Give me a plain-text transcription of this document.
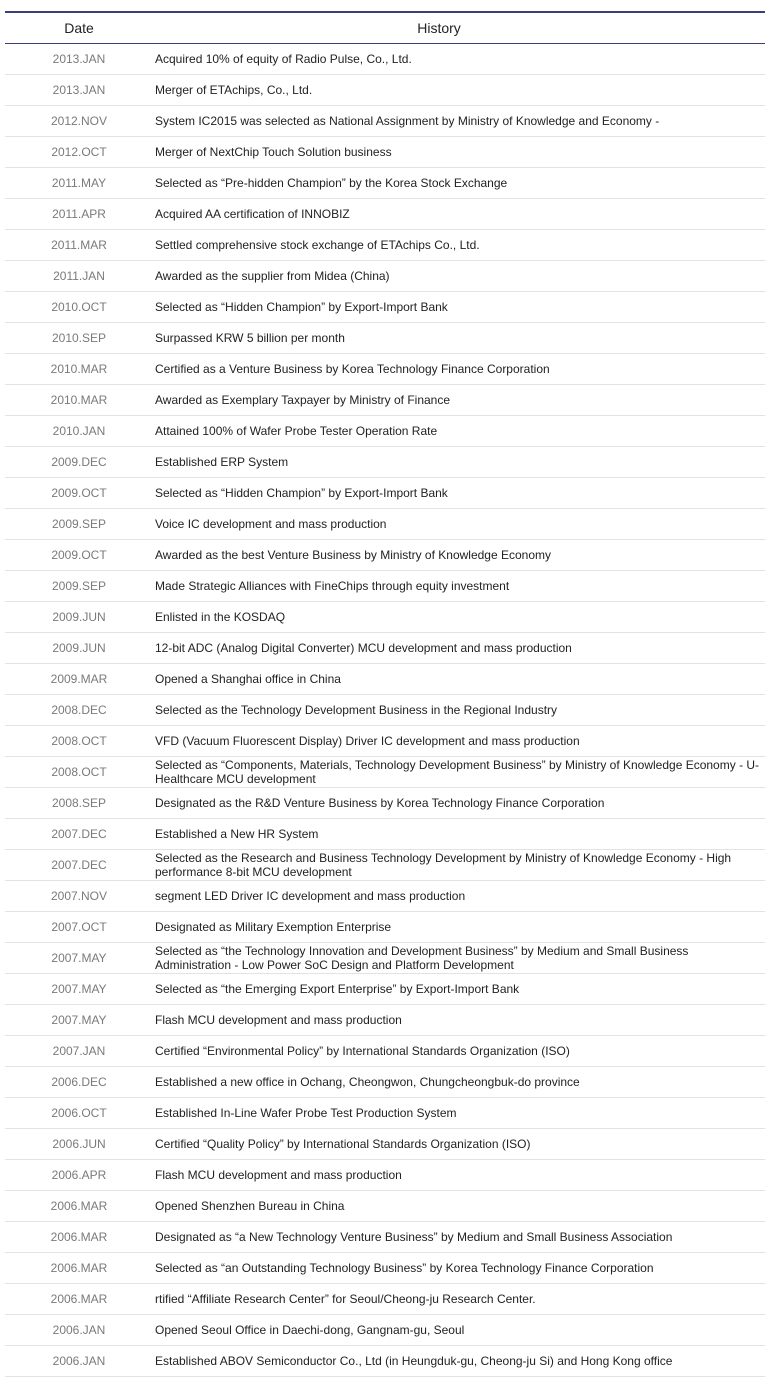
Date	History
2013.JAN	Acquired 10% of equity of Radio Pulse, Co., Ltd.
2013.JAN	Merger of ETAchips, Co., Ltd.
2012.NOV	System IC2015 was selected as National Assignment by Ministry of Knowledge and Economy -
2012.OCT	Merger of NextChip Touch Solution business
2011.MAY	Selected as “Pre-hidden Champion” by the Korea Stock Exchange
2011.APR	Acquired AA certification of INNOBIZ
2011.MAR	Settled comprehensive stock exchange of ETAchips Co., Ltd.
2011.JAN	Awarded as the supplier from Midea (China)
2010.OCT	Selected as “Hidden Champion” by Export-Import Bank
2010.SEP	Surpassed KRW 5 billion per month
2010.MAR	Certified as a Venture Business by Korea Technology Finance Corporation
2010.MAR	Awarded as Exemplary Taxpayer by Ministry of Finance
2010.JAN	Attained 100% of Wafer Probe Tester Operation Rate
2009.DEC	Established ERP System
2009.OCT	Selected as “Hidden Champion” by Export-Import Bank
2009.SEP	Voice IC development and mass production
2009.OCT	Awarded as the best Venture Business by Ministry of Knowledge Economy
2009.SEP	Made Strategic Alliances with FineChips through equity investment
2009.JUN	Enlisted in the KOSDAQ
2009.JUN	12-bit ADC (Analog Digital Converter) MCU development and mass production
2009.MAR	Opened a Shanghai office in China
2008.DEC	Selected as the Technology Development Business in the Regional Industry
2008.OCT	VFD (Vacuum Fluorescent Display) Driver IC development and mass production
2008.OCT	Selected as “Components, Materials, Technology Development Business” by Ministry of Knowledge Economy - U-Healthcare MCU development
2008.SEP	Designated as the R&D Venture Business by Korea Technology Finance Corporation
2007.DEC	Established a New HR System
2007.DEC	Selected as the Research and Business Technology Development by Ministry of Knowledge Economy - High performance 8-bit MCU development
2007.NOV	segment LED Driver IC development and mass production
2007.OCT	Designated as Military Exemption Enterprise
2007.MAY	Selected as “the Technology Innovation and Development Business” by Medium and Small Business Administration - Low Power SoC Design and Platform Development
2007.MAY	Selected as “the Emerging Export Enterprise” by Export-Import Bank
2007.MAY	Flash MCU development and mass production
2007.JAN	Certified “Environmental Policy” by International Standards Organization (ISO)
2006.DEC	Established a new office in Ochang, Cheongwon, Chungcheongbuk-do province
2006.OCT	Established In-Line Wafer Probe Test Production System
2006.JUN	Certified “Quality Policy” by International Standards Organization (ISO)
2006.APR	Flash MCU development and mass production
2006.MAR	Opened Shenzhen Bureau in China
2006.MAR	Designated as “a New Technology Venture Business” by Medium and Small Business Association
2006.MAR	Selected as “an Outstanding Technology Business” by Korea Technology Finance Corporation
2006.MAR	rtified “Affiliate Research Center” for Seoul/Cheong-ju Research Center.
2006.JAN	Opened Seoul Office in Daechi-dong, Gangnam-gu, Seoul
2006.JAN	Established ABOV Semiconductor Co., Ltd (in Heungduk-gu, Cheong-ju Si) and Hong Kong office
